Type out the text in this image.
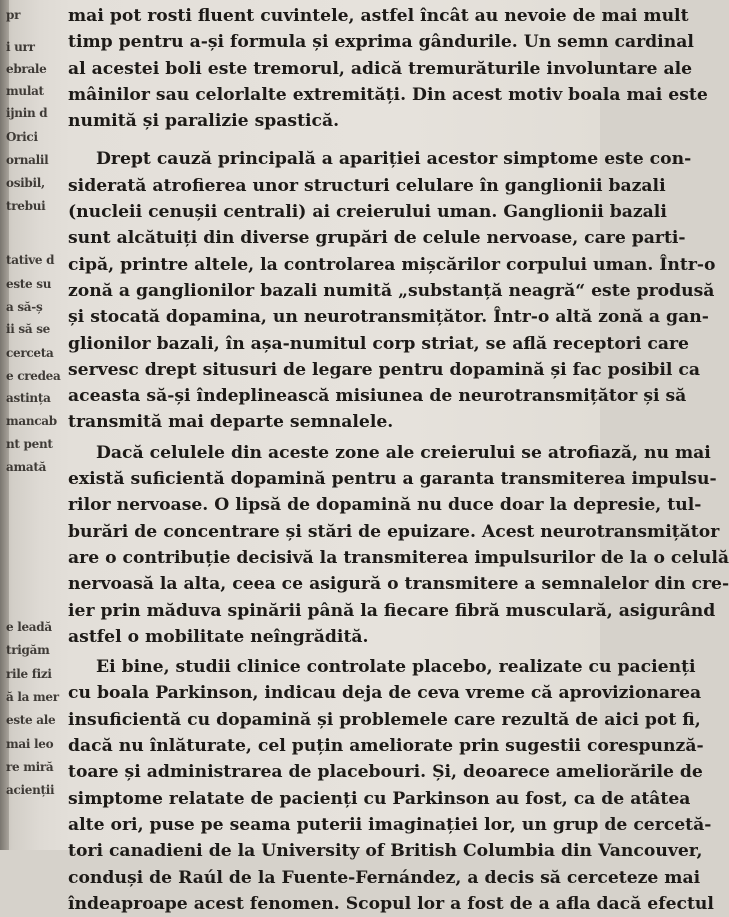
pr
i urr
ebrale
mulat
ijnin d
Orici
ornalil
osibil,
trebui
tative d
este su
a să-ș
ii să se
cerceta
e credea
astința
mancab
nt pent
amată
e leadă
trigăm
rile fizi
ă la mer
este ale
mai leo
re miră
acienții
mai pot rosti fluent cuvintele, astfel încât au nevoie de mai mult
timp pentru a-și formula și exprima gândurile. Un semn cardinal
al acestei boli este tremorul, adică tremurăturile involuntare ale
mâinilor sau celorlalte extremități. Din acest motiv boala mai este
numită și paralizie spastică.
Drept cauză principală a apariției acestor simptome este con-
siderată atrofierea unor structuri celulare în ganglionii bazali
(nucleii cenușii centrali) ai creierului uman. Ganglionii bazali
sunt alcătuiți din diverse grupări de celule nervoase, care parti-
cipă, printre altele, la controlarea mișcărilor corpului uman. Într-o
zonă a ganglionilor bazali numită „substanță neagră“ este produsă
și stocată dopamina, un neurotransmițător. Într-o altă zonă a gan-
glionilor bazali, în așa-numitul corp striat, se află receptori care
servesc drept situsuri de legare pentru dopamină și fac posibil ca
aceasta să-și îndeplinească misiunea de neurotransmițător și să
transmită mai departe semnalele.
Dacă celulele din aceste zone ale creierului se atrofiază, nu mai
există suficientă dopamină pentru a garanta transmiterea impulsu-
rilor nervoase. O lipsă de dopamină nu duce doar la depresie, tul-
burări de concentrare și stări de epuizare. Acest neurotransmițător
are o contribuție decisivă la transmiterea impulsurilor de la o celulă
nervoasă la alta, ceea ce asigură o transmitere a semnalelor din cre-
ier prin măduva spinării până la fiecare fibră musculară, asigurând
astfel o mobilitate neîngrădită.
Ei bine, studii clinice controlate placebo, realizate cu pacienți
cu boala Parkinson, indicau deja de ceva vreme că aprovizionarea
insuficientă cu dopamină și problemele care rezultă de aici pot fi,
dacă nu înlăturate, cel puțin ameliorate prin sugestii corespunză-
toare și administrarea de placebouri. Și, deoarece ameliorările de
simptome relatate de pacienți cu Parkinson au fost, ca de atâtea
alte ori, puse pe seama puterii imaginației lor, un grup de cercetă-
tori canadieni de la University of British Columbia din Vancouver,
conduși de Raúl de la Fuente-Fernández, a decis să cerceteze mai
îndeaproape acest fenomen. Scopul lor a fost de a afla dacă efectul
